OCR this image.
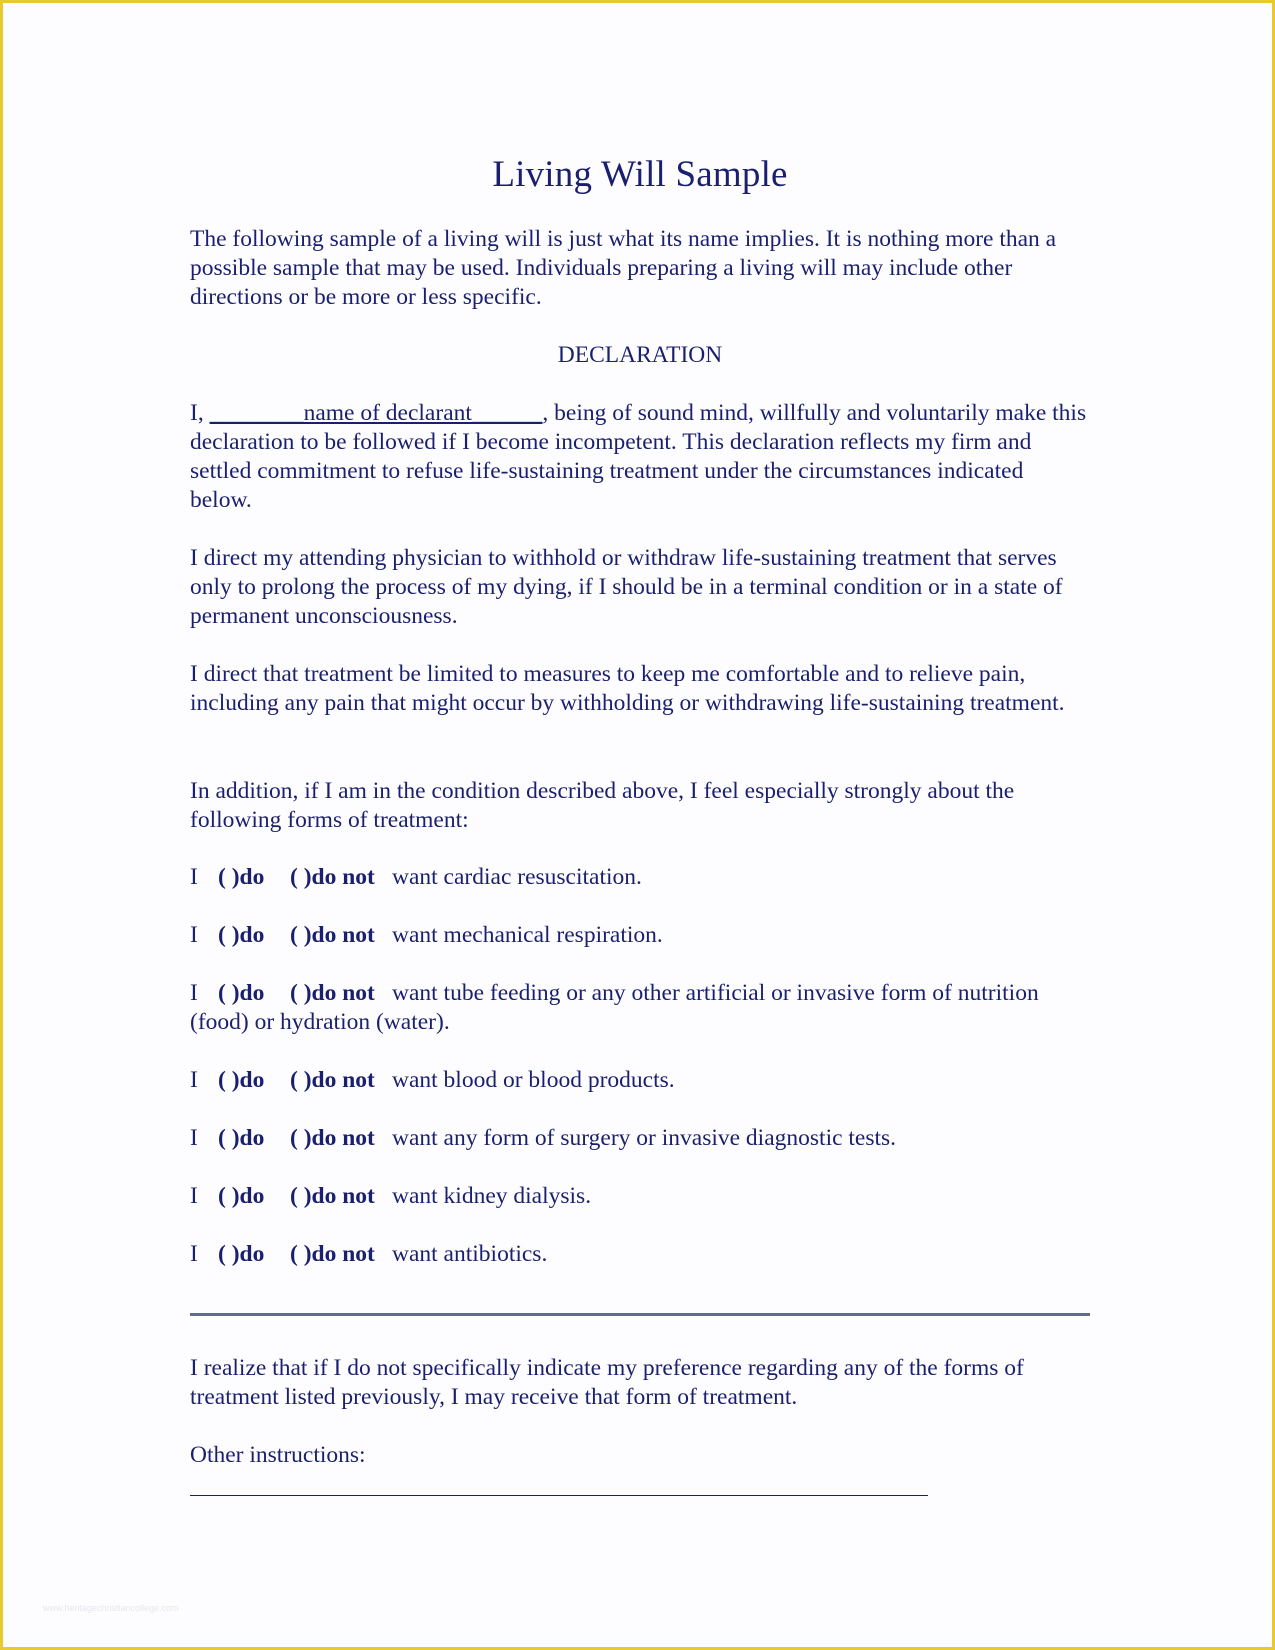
Living Will Sample

The following sample of a living will is just what its name implies. It is nothing more than a possible sample that may be used. Individuals preparing a living will may include other directions or be more or less specific.

DECLARATION

I, ________name of declarant______, being of sound mind, willfully and voluntarily make this declaration to be followed if I become incompetent. This declaration reflects my firm and settled commitment to refuse life-sustaining treatment under the circumstances indicated below.

I direct my attending physician to withhold or withdraw life-sustaining treatment that serves only to prolong the process of my dying, if I should be in a terminal condition or in a state of permanent unconsciousness.

I direct that treatment be limited to measures to keep me comfortable and to relieve pain, including any pain that might occur by withholding or withdrawing life-sustaining treatment.

In addition, if I am in the condition described above, I feel especially strongly about the following forms of treatment:

I ( )do ( )do not want cardiac resuscitation.
I ( )do ( )do not want mechanical respiration.
I ( )do ( )do not want tube feeding or any other artificial or invasive form of nutrition (food) or hydration (water).
I ( )do ( )do not want blood or blood products.
I ( )do ( )do not want any form of surgery or invasive diagnostic tests.
I ( )do ( )do not want kidney dialysis.
I ( )do ( )do not want antibiotics.

I realize that if I do not specifically indicate my preference regarding any of the forms of treatment listed previously, I may receive that form of treatment.

Other instructions:

www.heritagechristiancollege.com
